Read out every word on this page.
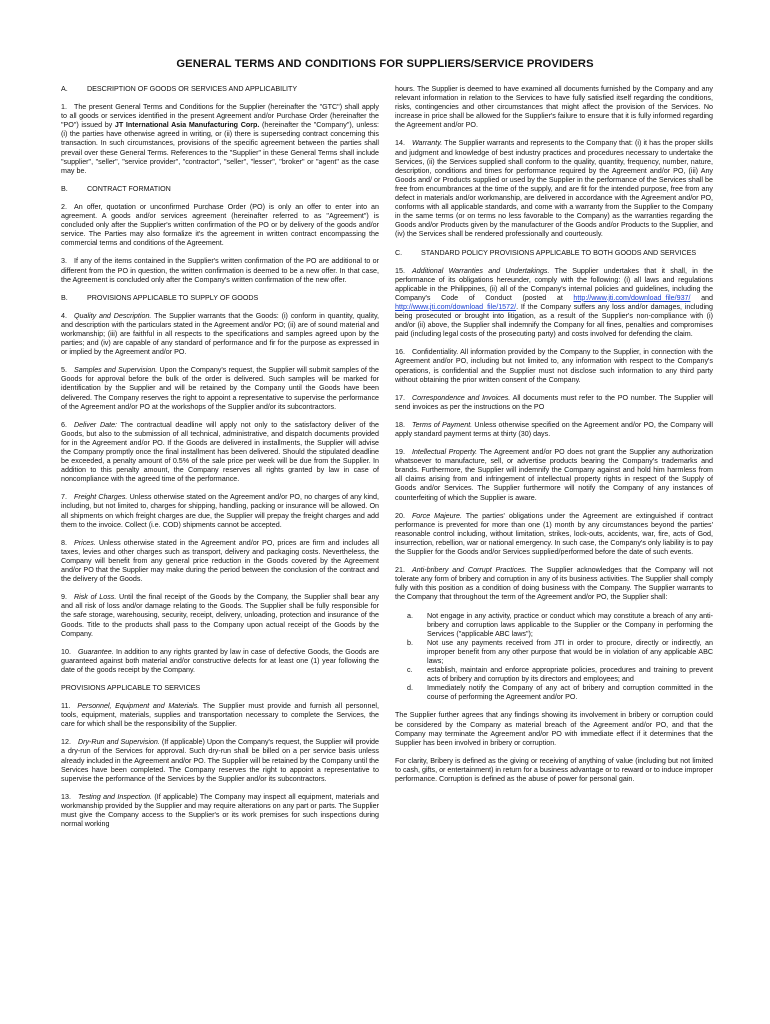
GENERAL TERMS AND CONDITIONS FOR SUPPLIERS/SERVICE PROVIDERS
A.	DESCRIPTION OF GOODS OR SERVICES AND APPLICABILITY

1. The present General Terms and Conditions for the Supplier (hereinafter the "GTC") shall apply to all goods or services identified in the present Agreement and/or Purchase Order (hereinafter the "PO") issued by JT International Asia Manufacturing Corp. (hereinafter the "Company"), unless: (i) the parties have otherwise agreed in writing, or (ii) there is superseding contract concerning this transaction. In such circumstances, provisions of the specific agreement between the parties shall prevail over these General Terms. References to the "Supplier" in these General Terms shall include "supplier", "seller", "service provider", "contractor", "seller", "lesser", "broker" or "agent" as the case may be.

B.	CONTRACT FORMATION

2. An offer, quotation or unconfirmed Purchase Order (PO) is only an offer to enter into an agreement. A goods and/or services agreement (hereinafter referred to as "Agreement") is concluded only after the Supplier's written confirmation of the PO or by delivery of the goods and/or service. The Parties may also formalize it's the agreement in written contract encompassing the commercial terms and conditions of the Agreement.

3. If any of the items contained in the Supplier's written confirmation of the PO are additional to or different from the PO in question, the written confirmation is deemed to be a new offer. In that case, the Agreement is concluded only after the Company's written confirmation of the new offer.

B.	PROVISIONS APPLICABLE TO SUPPLY OF GOODS

4. Quality and Description. The Supplier warrants that the Goods: (i) conform in quantity, quality, and description with the particulars stated in the Agreement and/or PO; (ii) are of sound material and workmanship; (iii) are faithful in all respects to the specifications and samples agreed upon by the parties; and (iv) are capable of any standard of performance and fir for the purpose as expressed in or implied by the Agreement and/or PO.

5. Samples and Supervision. Upon the Company's request, the Supplier will submit samples of the Goods for approval before the bulk of the order is delivered. Such samples will be marked for identification by the Supplier and will be retained by the Company until the Goods have been delivered. The Company reserves the right to appoint a representative to supervise the performance of the Agreement and/or PO at the workshops of the Supplier and/or its subcontractors.

6. Deliver Date: The contractual deadline will apply not only to the satisfactory deliver of the Goods, but also to the submission of all technical, administrative, and dispatch documents provided for in the Agreement and/or PO. If the Goods are delivered in installments, the Supplier will advise the Company promptly once the final installment has been delivered. Should the stipulated deadline be exceeded, a penalty amount of 0.5% of the sale price per week will be due from the Supplier. In addition to this penalty amount, the Company reserves all rights granted by law in case of noncompliance with the agreed time of the performance.

7. Freight Charges. Unless otherwise stated on the Agreement and/or PO, no charges of any kind, including, but not limited to, charges for shipping, handling, packing or insurance will be allowed. On all shipments on which freight charges are due, the Supplier will prepay the freight charges and add them to the invoice. Collect (i.e. COD) shipments cannot be accepted.

8. Prices. Unless otherwise stated in the Agreement and/or PO, prices are firm and includes all taxes, levies and other charges such as transport, delivery and packaging costs. Nevertheless, the Company will benefit from any general price reduction in the Goods covered by the Agreement and/or PO that the Supplier may make during the period between the conclusion of the contract and the delivery of the Goods.

9. Risk of Loss. Until the final receipt of the Goods by the Company, the Supplier shall bear any and all risk of loss and/or damage relating to the Goods. The Supplier shall be fully responsible for the safe storage, warehousing, security, receipt, delivery, unloading, protection and insurance of the Goods. Title to the products shall pass to the Company upon actual receipt of the Goods by the Company.

10. Guarantee. In addition to any rights granted by law in case of defective Goods, the Goods are guaranteed against both material and/or constructive defects for at least one (1) year following the date of the goods receipt by the Company.

PROVISIONS APPLICABLE TO SERVICES

11. Personnel, Equipment and Materials. The Supplier must provide and furnish all personnel, tools, equipment, materials, supplies and transportation necessary to complete the Services, the care for which shall be the responsibility of the Supplier.

12. Dry-Run and Supervision. (If applicable) Upon the Company's request, the Supplier will provide a dry-run of the Services for approval. Such dry-run shall be billed on a per service basis unless already included in the Agreement and/or PO. The Supplier will be retained by the Company until the Services have been completed. The Company reserves the right to appoint a representative to supervise the performance of the Services by the Supplier and/or its subcontractors.

13. Testing and Inspection. (If applicable) The Company may inspect all equipment, materials and workmanship provided by the Supplier and may require alterations on any part or parts. The Supplier must give the Company access to the Supplier's or its work premises for such inspections during normal working

hours. The Supplier is deemed to have examined all documents furnished by the Company and any relevant information in relation to the Services to have fully satisfied itself regarding the conditions, risks, contingencies and other circumstances that might affect the provision of the Services. No increase in price shall be allowed for the Supplier's failure to ensure that it is fully informed regarding the Agreement and/or PO.

14. Warranty. The Supplier warrants and represents to the Company that: (i) it has the proper skills and judgment and knowledge of best industry practices and procedures necessary to undertake the Services, (ii) the Services supplied shall conform to the quality, quantity, frequency, number, nature, description, conditions and times for performance required by the Agreement and/or PO, (iii) Any Goods and/ or Products supplied or used by the Supplier in the performance of the Services shall be free from encumbrances at the time of the supply, and are fit for the intended purpose, free from any defect in materials and/or workmanship, are delivered in accordance with the Agreement and/or PO, conforms with all applicable standards, and come with a warranty from the Supplier to the Company in the same terms (or on terms no less favorable to the Company) as the warranties regarding the Goods and/or Products given by the manufacturer of the Goods and/or Products to the Supplier, and (iv) the Services shall be rendered professionally and courteously.

C.	STANDARD POLICY PROVISIONS APPLICABLE TO BOTH GOODS AND SERVICES

15. Additional Warranties and Undertakings. The Supplier undertakes that it shall, in the performance of its obligations hereunder, comply with the following: (i) all laws and regulations applicable in the Philippines, (ii) all of the Company's internal policies and guidelines, including the Company's Code of Conduct (posted at http://www.jti.com/download_file/937/ and http://www.jti.com/download_file/1572/. If the Company suffers any loss and/or damages, including being prosecuted or brought into litigation, as a result of the Supplier's non-compliance with (i) and/or (ii) above, the Supplier shall indemnify the Company for all fines, penalties and compromises paid (including legal costs of the prosecuting party) and costs involved for defending the claim.

16. Confidentiality. All information provided by the Company to the Supplier, in connection with the Agreement and/or PO, including but not limited to, any information with respect to the Company's operations, is confidential and the Supplier must not disclose such information to any third party without obtaining the prior written consent of the Company.

17. Correspondence and Invoices. All documents must refer to the PO number. The Supplier will send invoices as per the instructions on the PO

18. Terms of Payment. Unless otherwise specified on the Agreement and/or PO, the Company will apply standard payment terms at thirty (30) days.

19. Intellectual Property. The Agreement and/or PO does not grant the Supplier any authorization whatsoever to manufacture, sell, or advertise products bearing the Company's trademarks and brands. Furthermore, the Supplier will indemnify the Company against and hold him harmless from all claims arising from and infringement of intellectual property rights in respect of the Supply of Goods and/or Services. The Supplier furthermore will notify the Company of any instances of counterfeiting of which the Supplier is aware.

20. Force Majeure. The parties' obligations under the Agreement are extinguished if contract performance is prevented for more than one (1) month by any circumstances beyond the parties' reasonable control including, without limitation, strikes, lock-outs, accidents, war, fire, acts of God, insurrection, rebellion, war or national emergency. In such case, the Company's only liability is to pay the Supplier for the Goods and/or Services supplied/performed before the date of such events.

21. Anti-bribery and Corrupt Practices. The Supplier acknowledges that the Company will not tolerate any form of bribery and corruption in any of its business activities. The Supplier shall comply fully with this position as a condition of doing business with the Company. The Supplier warrants to the Company that throughout the term of the Agreement and/or PO, the Supplier shall:

a.	Not engage in any activity, practice or conduct which may constitute a breach of any anti-bribery and corruption laws applicable to the Supplier or the Company in performing the Services ("applicable ABC laws");
b.	Not use any payments received from JTI in order to procure, directly or indirectly, an improper benefit from any other purpose that would be in violation of any applicable ABC laws;
c.	establish, maintain and enforce appropriate policies, procedures and training to prevent acts of bribery and corruption by its directors and employees; and
d.	Immediately notify the Company of any act of bribery and corruption committed in the course of performing the Agreement and/or PO.

The Supplier further agrees that any findings showing its involvement in bribery or corruption could be considered by the Company as material breach of the Agreement and/or PO, and that the Company may terminate the Agreement and/or PO with immediate effect if it determines that the Supplier has been involved in bribery or corruption.

For clarity, Bribery is defined as the giving or receiving of anything of value (including but not limited to cash, gifts, or entertainment) in return for a business advantage or to reward or to induce improper performance. Corruption is defined as the abuse of power for personal gain.
